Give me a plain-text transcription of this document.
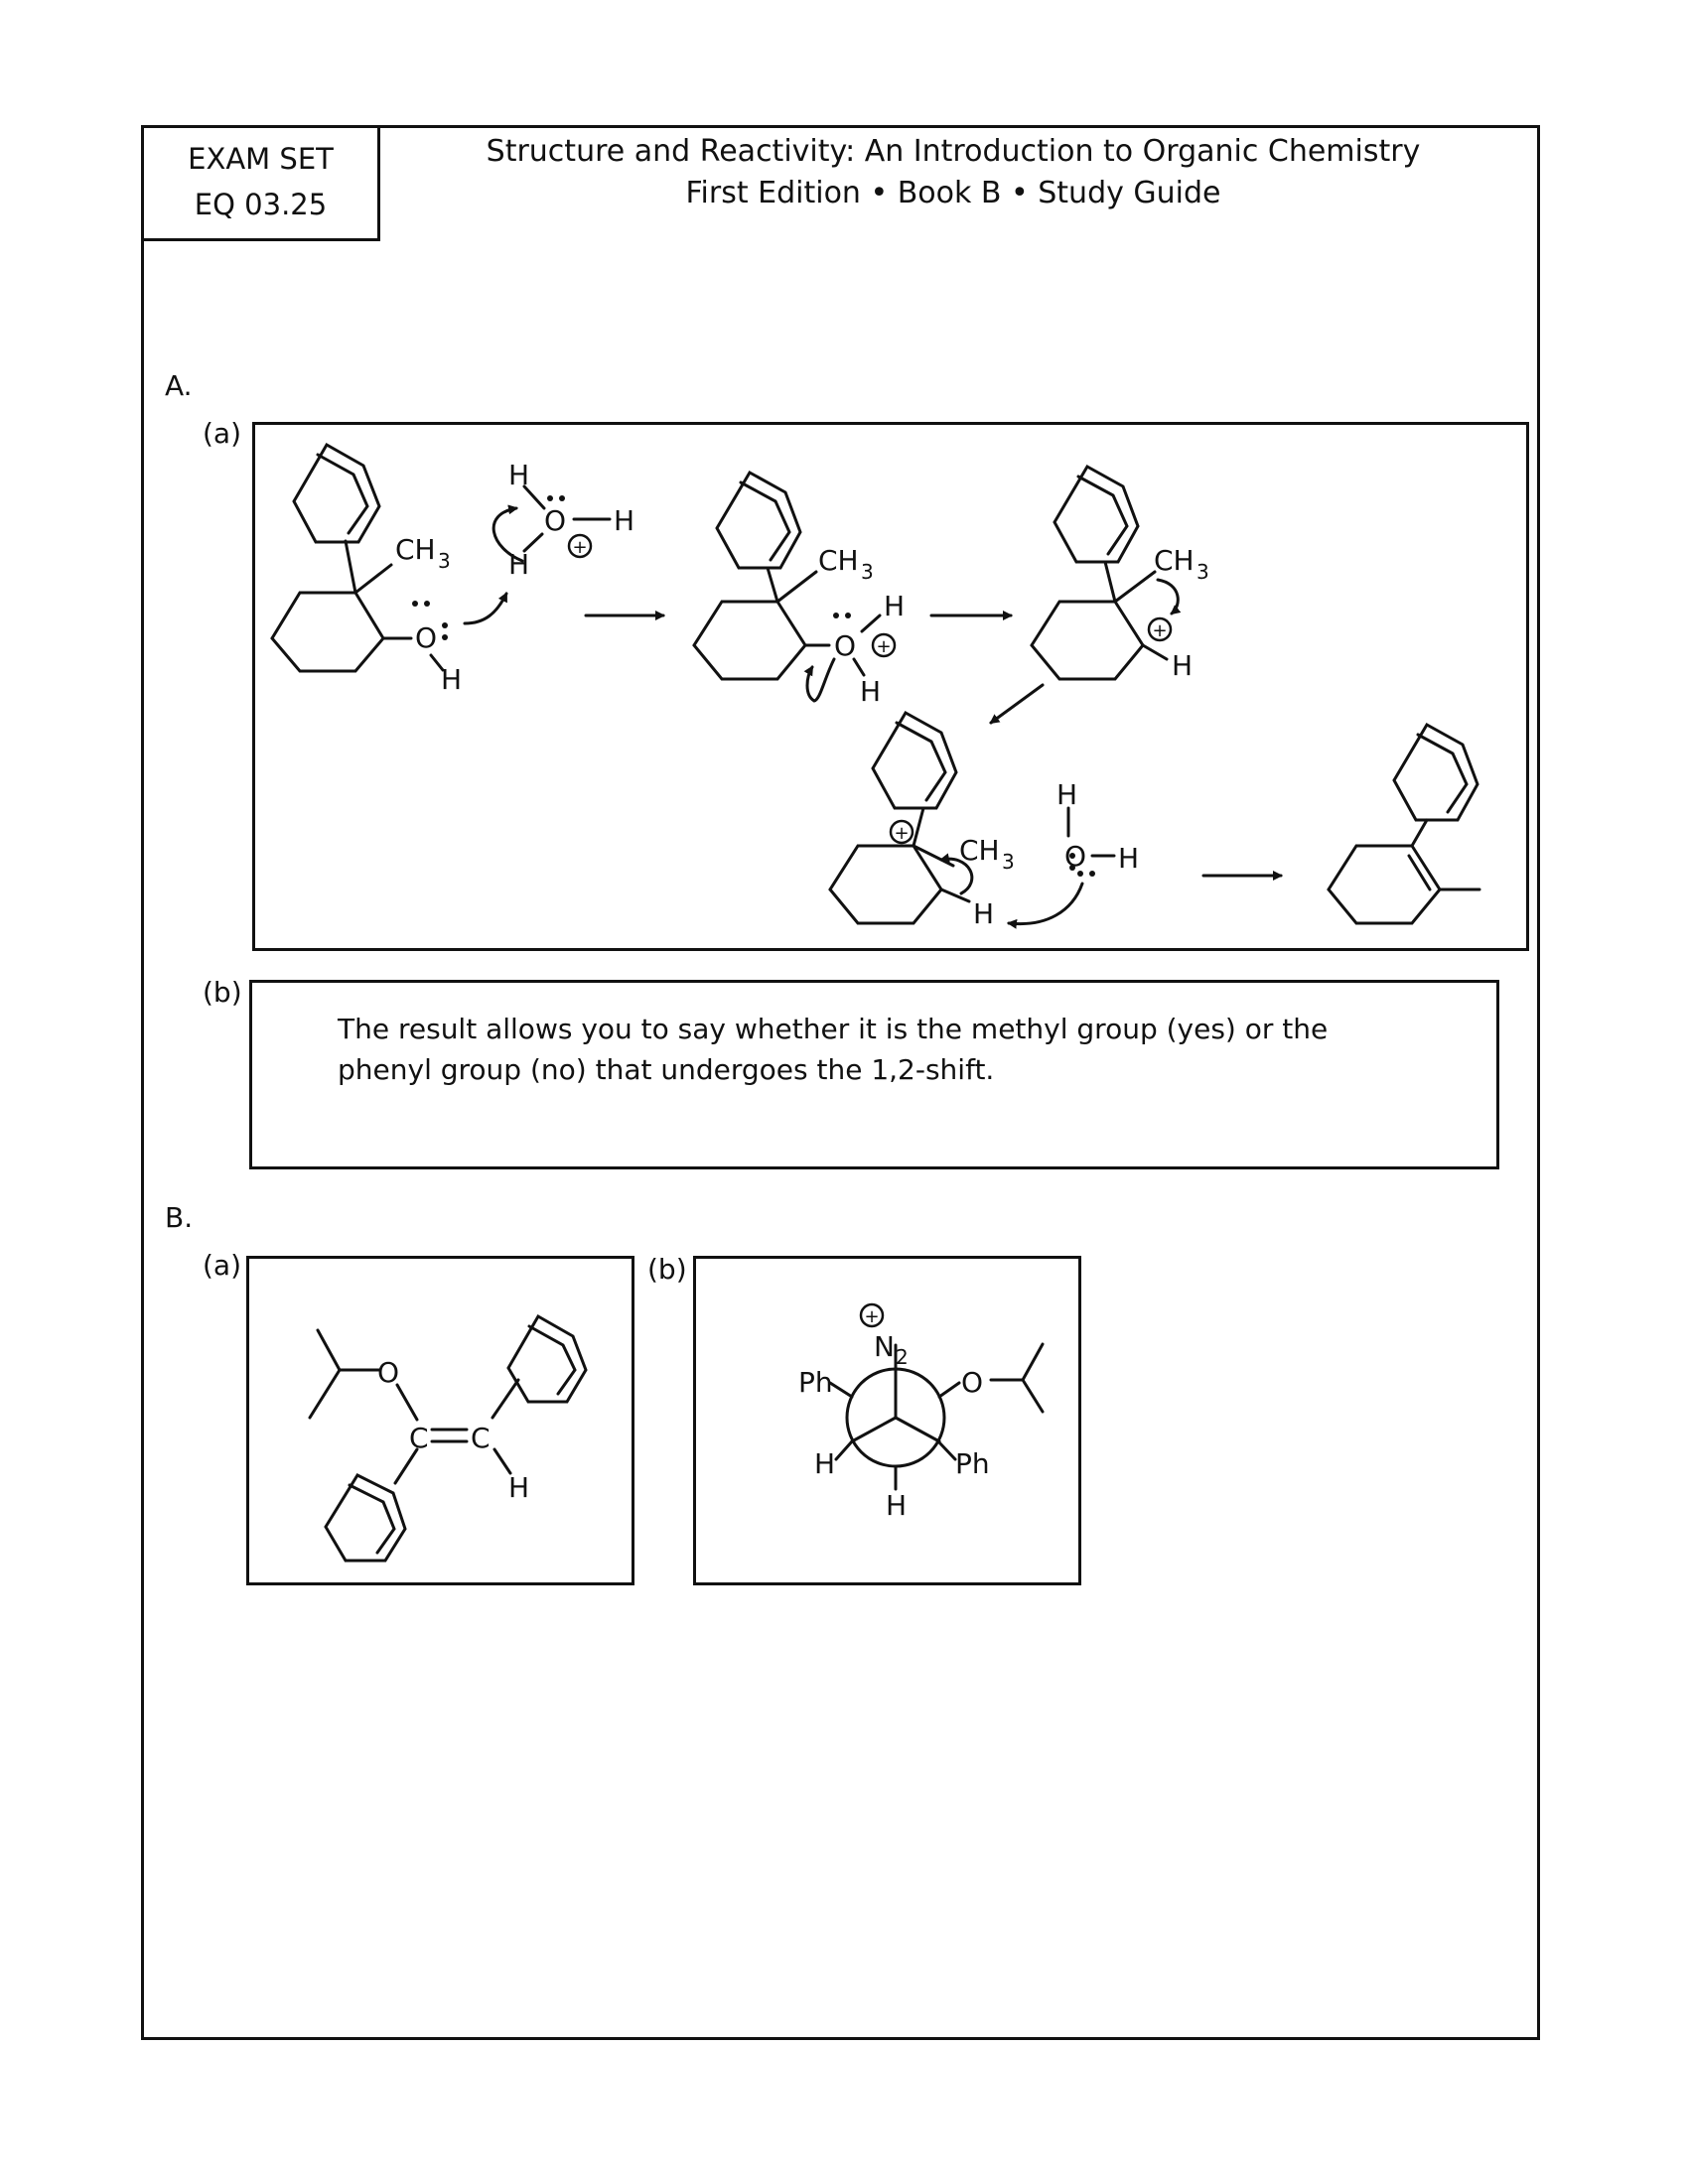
EXAM SET
EQ 03.25
Structure and Reactivity: An Introduction to Organic Chemistry
First Edition • Book B • Study Guide
A.
(a)
(b)
The result allows you to say whether it is the methyl group (yes) or the phenyl group (no) that undergoes the 1,2-shift.
B.
(a)	(b)
+
+
+
+
+
CH 3
O
H
H
O H
H	CH 3
H
O
H
CH 3
H
CH 3
H
H
O H
O
C C
H
N 2
Ph	O
H	Ph
H
